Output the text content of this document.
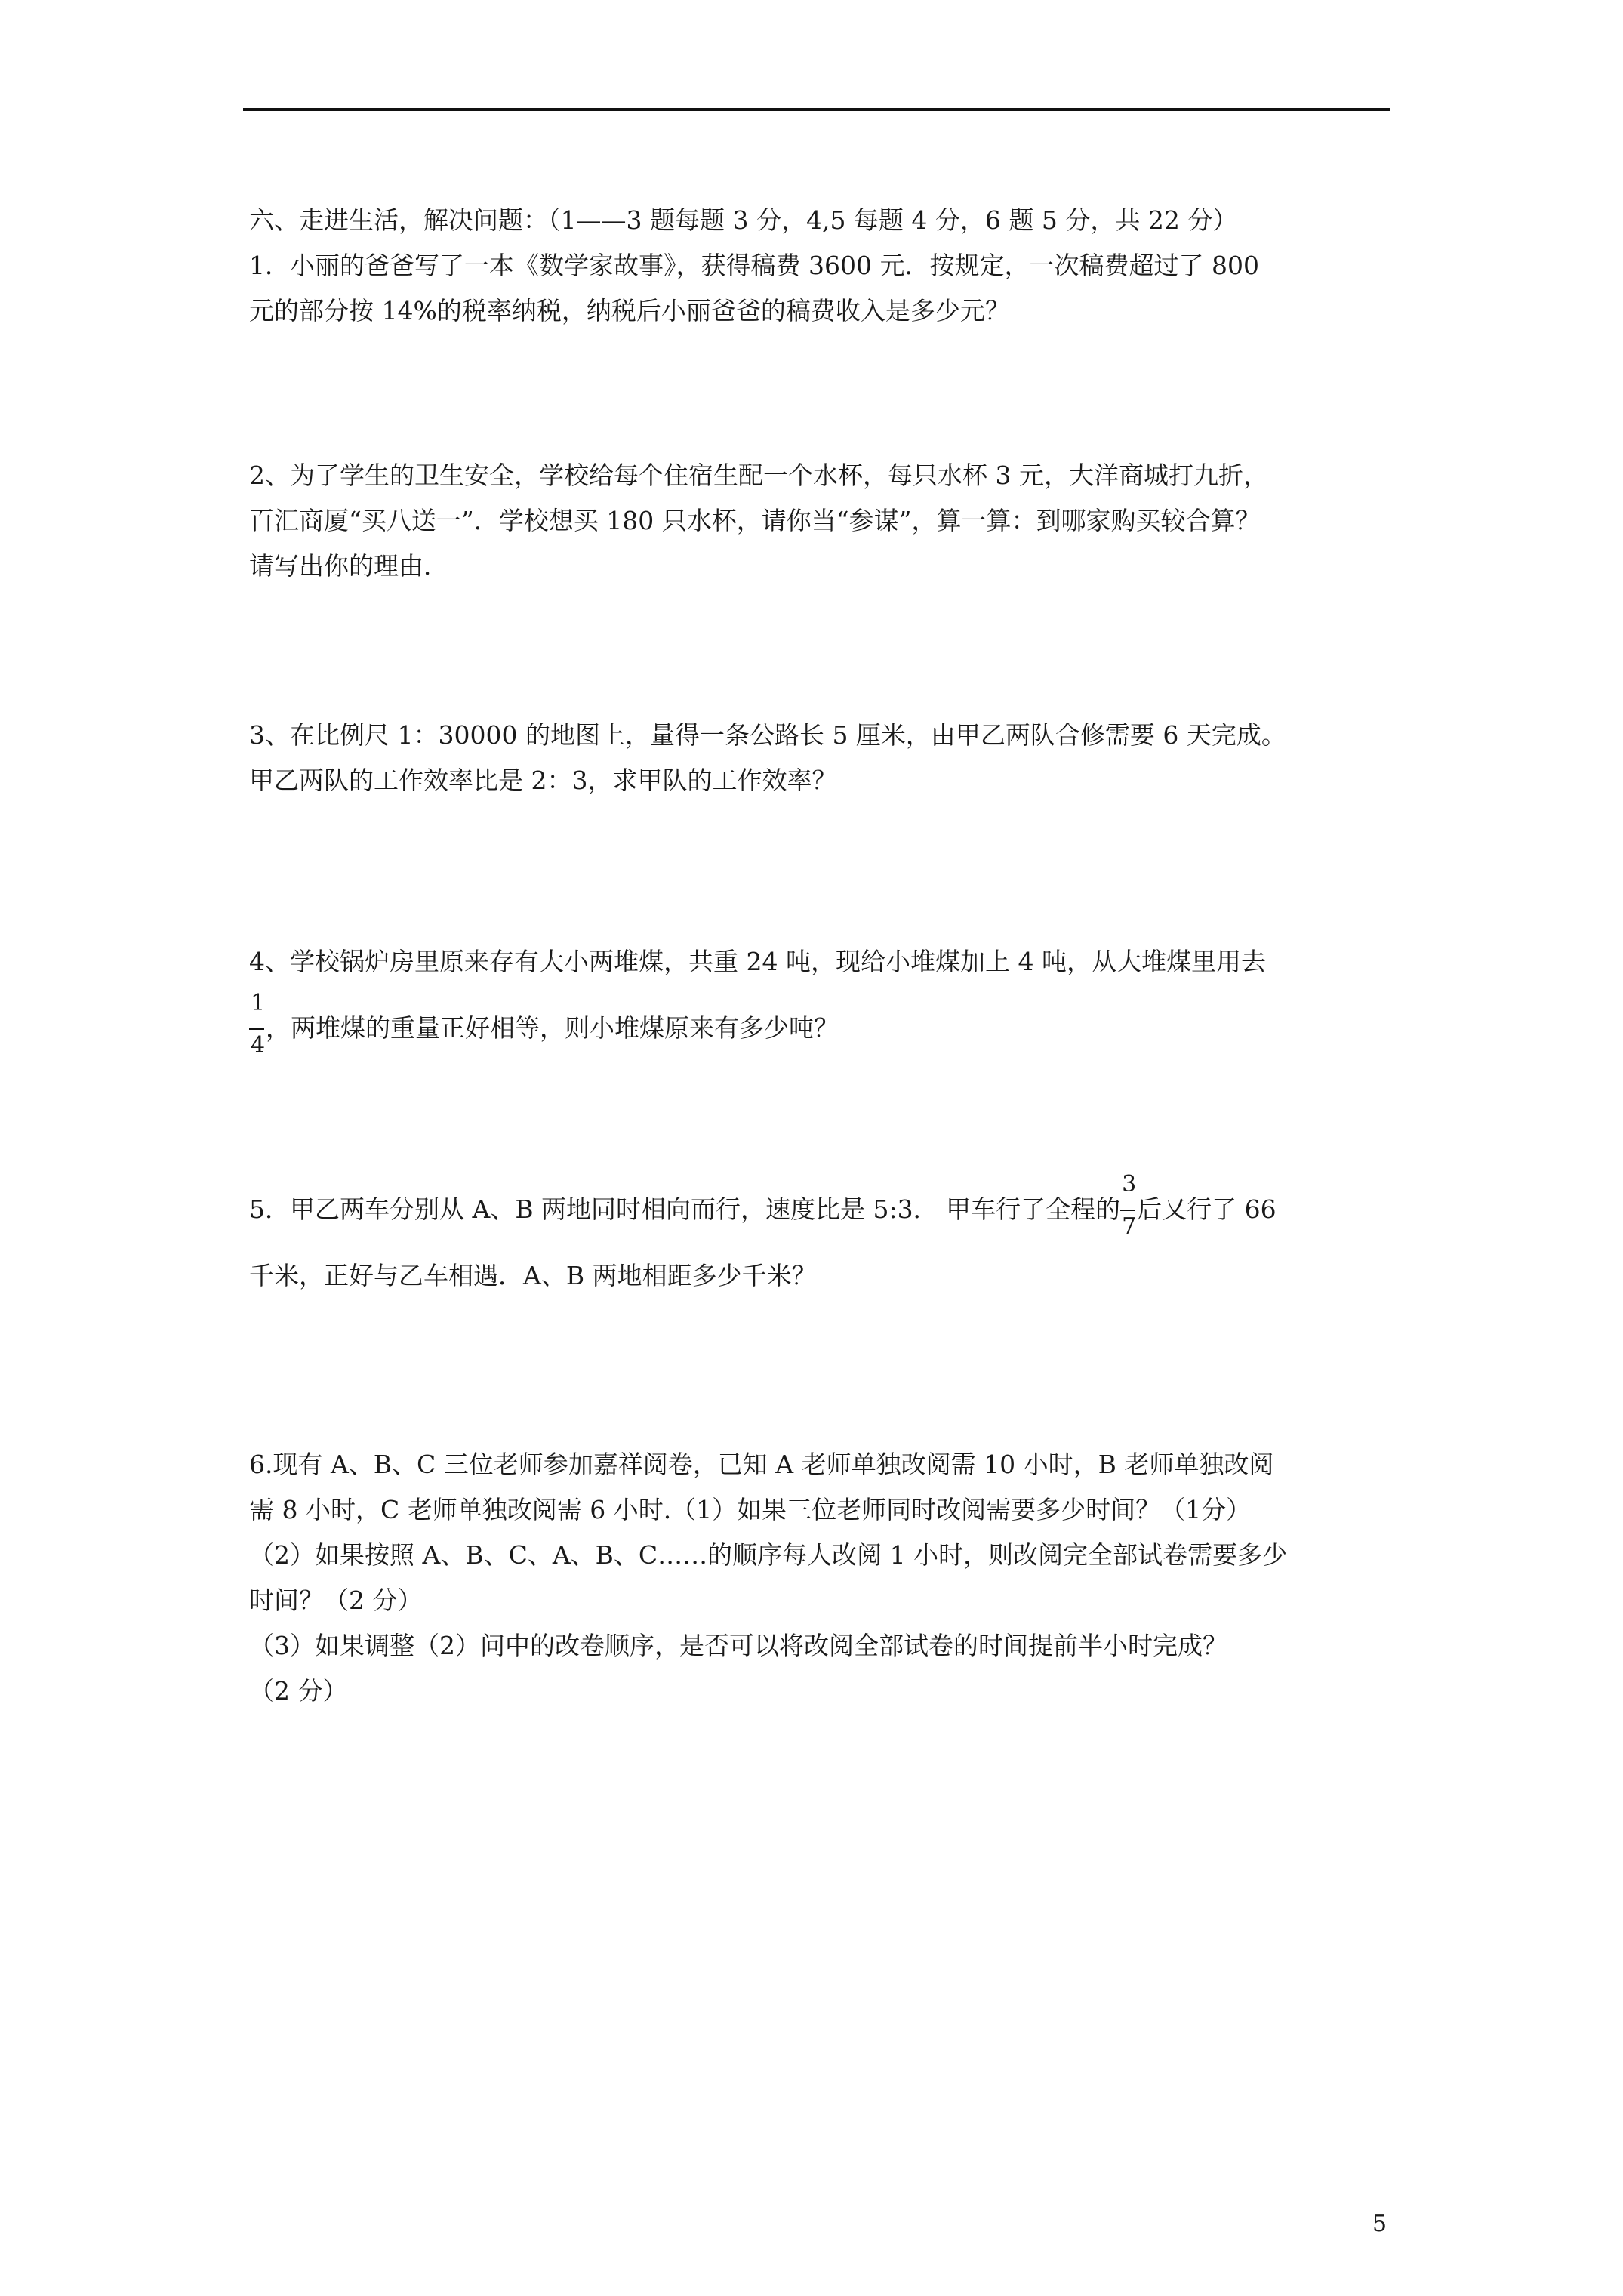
六、走进生活，解决问题：（1——3 题每题 3 分，4,5 每题 4 分，6 题 5 分，共 22 分）
1．小丽的爸爸写了一本《数学家故事》，获得稿费 3600 元．按规定，一次稿费超过了 800
元的部分按 14%的税率纳税，纳税后小丽爸爸的稿费收入是多少元？
2、为了学生的卫生安全，学校给每个住宿生配一个水杯，每只水杯 3 元，大洋商城打九折，
百汇商厦“买八送一”．学校想买 180 只水杯，请你当“参谋”，算一算：到哪家购买较合算？
请写出你的理由．
3、在比例尺 1：30000 的地图上，量得一条公路长 5 厘米，由甲乙两队合修需要 6 天完成。
甲乙两队的工作效率比是 2：3，求甲队的工作效率？
4、学校锅炉房里原来存有大小两堆煤，共重 24 吨，现给小堆煤加上 4 吨，从大堆煤里用去
$\frac{1}{4}$ ，两堆煤的重量正好相等，则小堆煤原来有多少吨？
5．甲乙两车分别从 A、B 两地同时相向而行，速度比是 5:3． 甲车行了全程的 $\frac{3}{7}$ 后又行了 66
千米，正好与乙车相遇．A、B 两地相距多少千米？
6.现有 A、B、C 三位老师参加嘉祥阅卷，已知 A 老师单独改阅需 10 小时，B 老师单独改阅
需 8 小时，C 老师单独改阅需 6 小时.（1）如果三位老师同时改阅需要多少时间？（1分）
（2）如果按照 A、B、C、A、B、C……的顺序每人改阅 1 小时，则改阅完全部试卷需要多少
时间？（2 分）
（3）如果调整（2）问中的改卷顺序，是否可以将改阅全部试卷的时间提前半小时完成？
（2 分）
5
